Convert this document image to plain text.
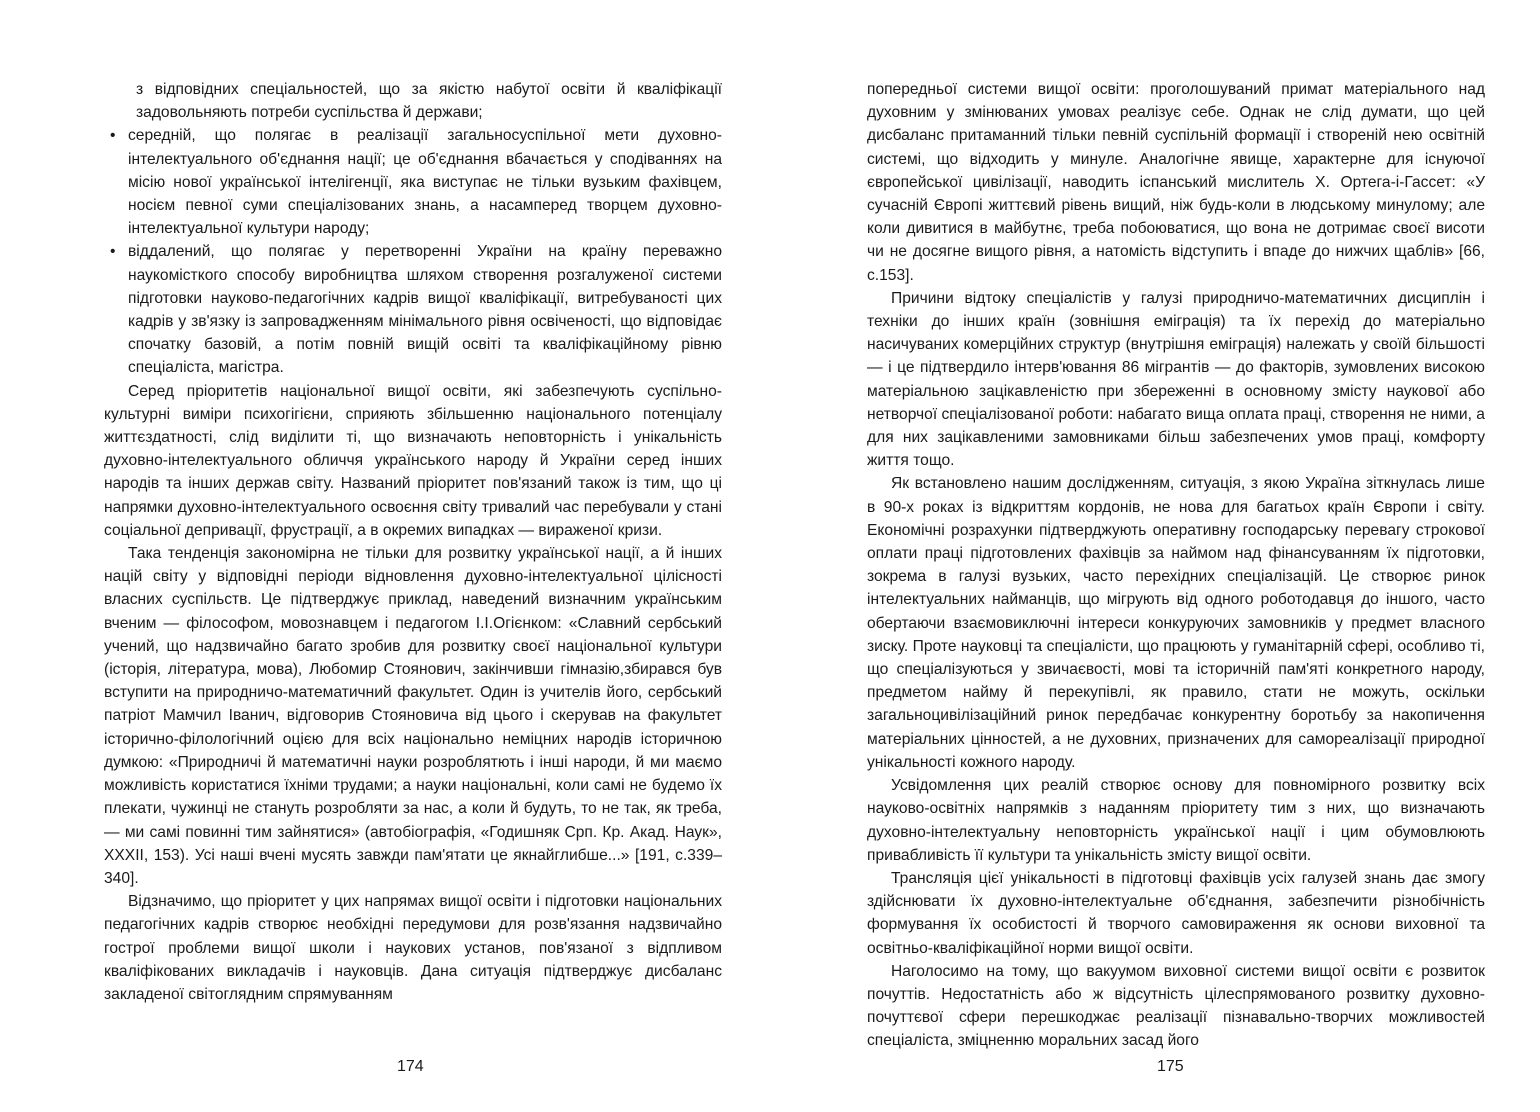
з відповідних спеціальностей, що за якістю набутої освіти й кваліфікації задовольняють потреби суспільства й держави;
• середній, що полягає в реалізації загальносуспільної мети духовно-інтелектуального об'єднання нації; це об'єднання вбачається у сподіваннях на місію нової української інтелігенції, яка виступає не тільки вузьким фахівцем, носієм певної суми спеціалізованих знань, а насамперед творцем духовно-інтелектуальної культури народу;
• віддалений, що полягає у перетворенні України на країну переважно наукомісткого способу виробництва шляхом створення розгалуженої системи підготовки науково-педагогічних кадрів вищої кваліфікації, витребуваності цих кадрів у зв'язку із запровадженням мінімального рівня освіченості, що відповідає спочатку базовій, а потім повній вищій освіті та кваліфікаційному рівню спеціаліста, магістра.

Серед пріоритетів національної вищої освіти, які забезпечують суспільно-культурні виміри психогігієни, сприяють збільшенню національного потенціалу життєздатності, слід виділити ті, що визначають неповторність і унікальність духовно-інтелектуального обличчя українського народу й України серед інших народів та інших держав світу. Названий пріоритет пов'язаний також із тим, що ці напрямки духовно-інтелектуального освоєння світу тривалий час перебували у стані соціальної депривації, фрустрації, а в окремих випадках — вираженої кризи.

Така тенденція закономірна не тільки для розвитку української нації, а й інших націй світу у відповідні періоди відновлення духовно-інтелектуальної цілісності власних суспільств. Це підтверджує приклад, наведений визначним українським вченим — філософом, мовознавцем і педагогом І.І.Огієнком: «Славний сербський учений, що надзвичайно багато зробив для розвитку своєї національної культури (історія, література, мова), Любомир Стоянович, закінчивши гімназію,збирався був вступити на природничо-математичний факультет. Один із учителів його, сербський патріот Мамчил Іванич, відговорив Стояновича від цього і скерував на факультет історично-філологічний оцією для всіх національно неміцних народів історичною думкою: «Природничі й математичні науки розроблятють і інші народи, й ми маємо можливість користатися їхніми трудами; а науки національні, коли самі не будемо їх плекати, чужинці не стануть розробляти за нас, а коли й будуть, то не так, як треба, — ми самі повинні тим зайнятися» (автобіографія, «Годишняк Срп. Кр. Акад. Наук», XXXII, 153). Усі наші вчені мусять завжди пам'ятати це якнайглибше...» [191, с.339–340].

Відзначимо, що пріоритет у цих напрямах вищої освіти і підготовки національних педагогічних кадрів створює необхідні передумови для розв'язання надзвичайно гострої проблеми вищої школи і наукових установ, пов'язаної з відпливом кваліфікованих викладачів і науковців. Дана ситуація підтверджує дисбаланс закладеної світоглядним спрямуванням

174

попередньої системи вищої освіти: проголошуваний примат матеріального над духовним у змінюваних умовах реалізує себе. Однак не слід думати, що цей дисбаланс притаманний тільки певній суспільній формації і створеній нею освітній системі, що відходить у минуле. Аналогічне явище, характерне для існуючої європейської цивілізації, наводить іспанський мислитель Х. Ортега-і-Гассет: «У сучасній Європі життєвий рівень вищий, ніж будь-коли в людському минулому; але коли дивитися в майбутнє, треба побоюватися, що вона не дотримає своєї висоти чи не досягне вищого рівня, а натомість відступить і впаде до нижчих щаблів» [66, с.153].

Причини відтоку спеціалістів у галузі природничо-математичних дисциплін і техніки до інших країн (зовнішня еміграція) та їх перехід до матеріально насичуваних комерційних структур (внутрішня еміграція) належать у своїй більшості — і це підтвердило інтерв'ювання 86 мігрантів — до факторів, зумовлених високою матеріальною зацікавленістю при збереженні в основному змісту наукової або нетворчої спеціалізованої роботи: набагато вища оплата праці, створення не ними, а для них зацікавленими замовниками більш забезпечених умов праці, комфорту життя тощо.

Як встановлено нашим дослідженням, ситуація, з якою Україна зіткнулась лише в 90-х роках із відкриттям кордонів, не нова для багатьох країн Європи і світу. Економічні розрахунки підтверджують оперативну господарську перевагу строкової оплати праці підготовлених фахівців за наймом над фінансуванням їх підготовки, зокрема в галузі вузьких, часто перехідних спеціалізацій. Це створює ринок інтелектуальних найманців, що мігрують від одного роботодавця до іншого, часто обертаючи взаємовиключні інтереси конкуруючих замовників у предмет власного зиску. Проте науковці та спеціалісти, що працюють у гуманітарній сфері, особливо ті, що спеціалізуються у звичаєвості, мові та історичній пам'яті конкретного народу, предметом найму й перекупівлі, як правило, стати не можуть, оскільки загальноцивілізаційний ринок передбачає конкурентну боротьбу за накопичення матеріальних цінностей, а не духовних, призначених для самореалізації природної унікальності кожного народу.

Усвідомлення цих реалій створює основу для повномірного розвитку всіх науково-освітніх напрямків з наданням пріоритету тим з них, що визначають духовно-інтелектуальну неповторність української нації і цим обумовлюють привабливість її культури та унікальність змісту вищої освіти.

Трансляція цієї унікальності в підготовці фахівців усіх галузей знань дає змогу здійснювати їх духовно-інтелектуальне об'єднання, забезпечити різнобічність формування їх особистості й творчого самовираження як основи виховної та освітньо-кваліфікаційної норми вищої освіти.

Наголосимо на тому, що вакуумом виховної системи вищої освіти є розвиток почуттів. Недостатність або ж відсутність цілеспрямованого розвитку духовно-почуттєвої сфери перешкоджає реалізації пізнавально-творчих можливостей спеціаліста, зміцненню моральних засад його

175
